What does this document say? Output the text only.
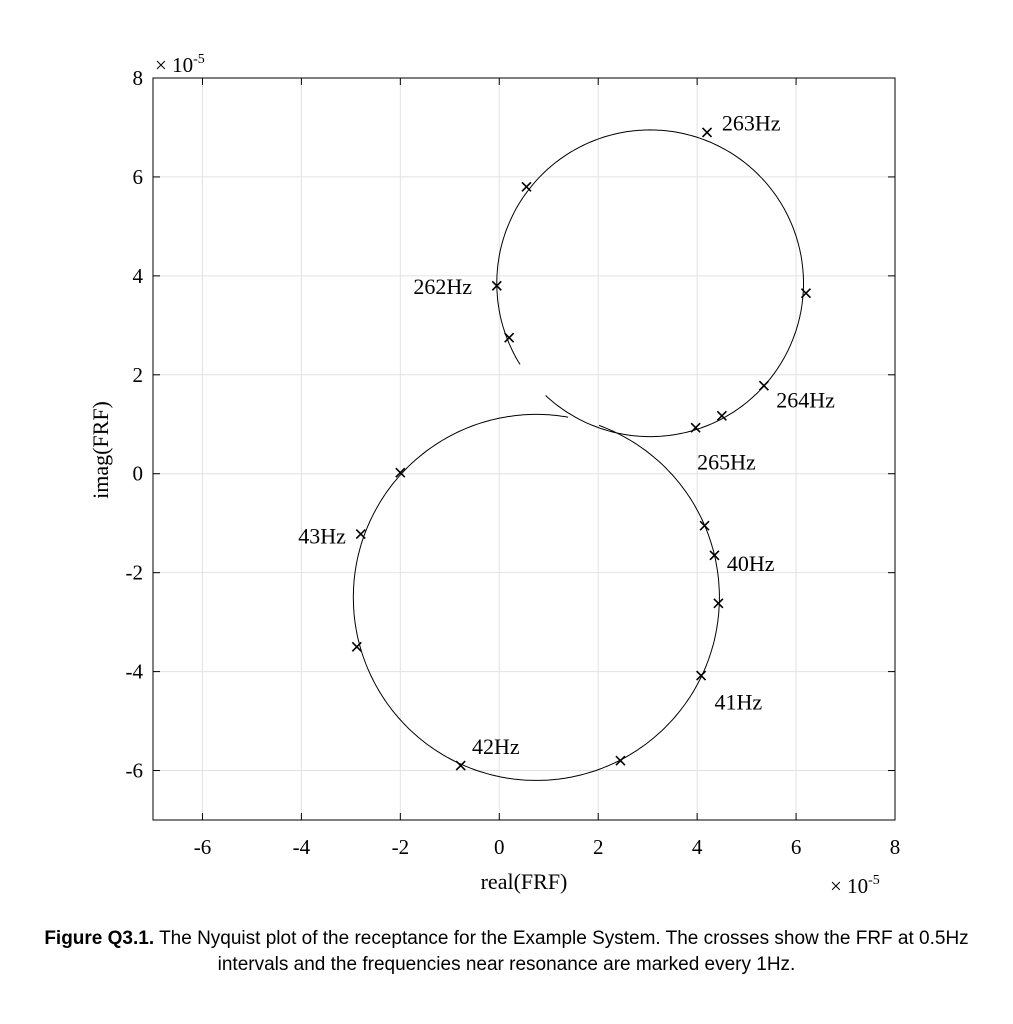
-6	-4	-2	0	2	4	6	8
-6
-4
-2
0
2
4
6
8
263Hz
262Hz
264Hz
265Hz
43Hz
40Hz
41Hz
42Hz
× $10^{-5}$
× $10^{-5}$
real(FRF)
imag(FRF)
Figure Q3.1. The Nyquist plot of the receptance for the Example System. The crosses show the FRF at 0.5Hz intervals and the frequencies near resonance are marked every 1Hz.
